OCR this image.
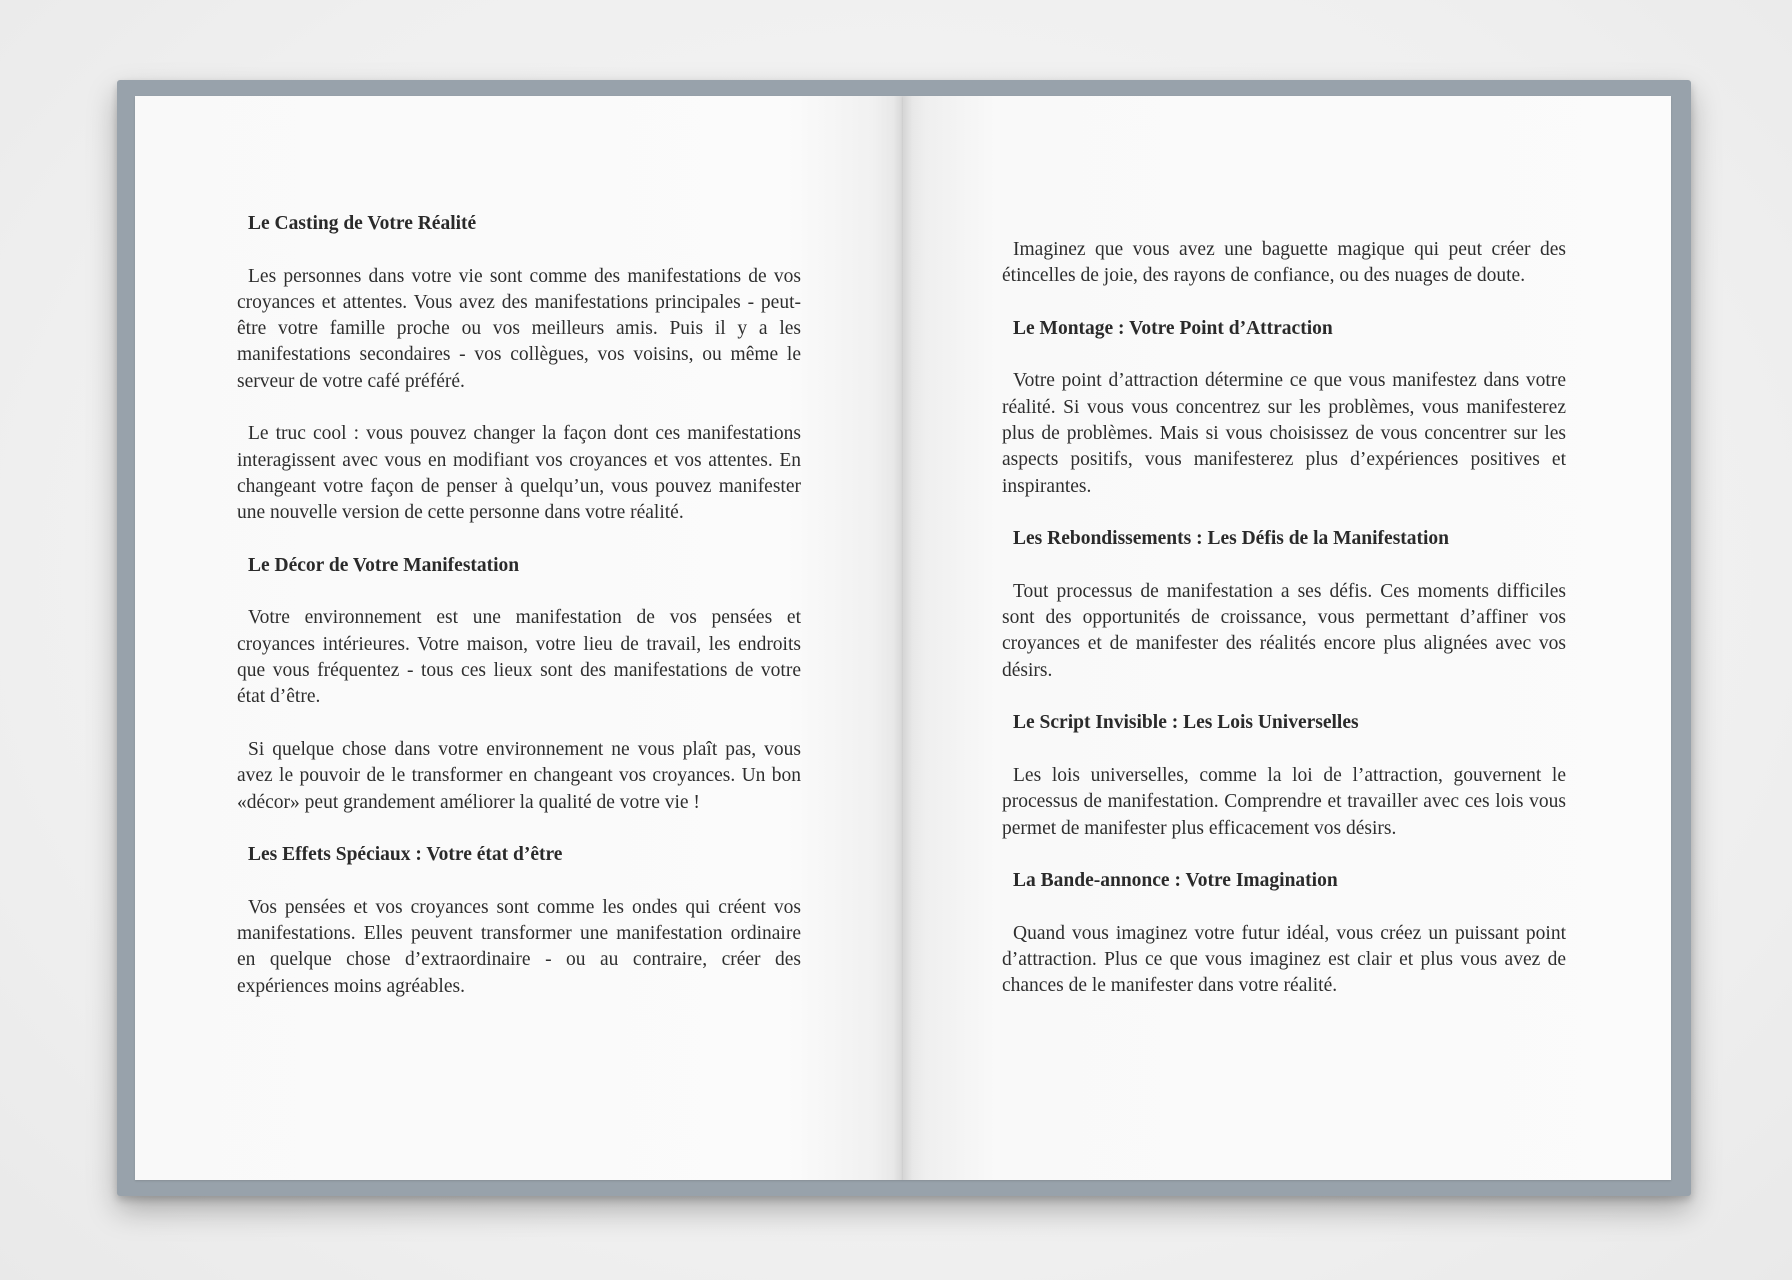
Le Casting de Votre Réalité

Les personnes dans votre vie sont comme des manifestations de vos croyances et attentes. Vous avez des manifestations principales - peut-être votre famille proche ou vos meilleurs amis. Puis il y a les manifestations secondaires - vos collègues, vos voisins, ou même le serveur de votre café préféré.

Le truc cool : vous pouvez changer la façon dont ces manifestations interagissent avec vous en modifiant vos croyances et vos attentes. En changeant votre façon de penser à quelqu’un, vous pouvez manifester une nouvelle version de cette personne dans votre réalité.

Le Décor de Votre Manifestation

Votre environnement est une manifestation de vos pensées et croyances intérieures. Votre maison, votre lieu de travail, les endroits que vous fréquentez - tous ces lieux sont des manifestations de votre état d’être.

Si quelque chose dans votre environnement ne vous plaît pas, vous avez le pouvoir de le transformer en changeant vos croyances. Un bon «décor» peut grandement améliorer la qualité de votre vie !

Les Effets Spéciaux : Votre état d’être

Vos pensées et vos croyances sont comme les ondes qui créent vos manifestations. Elles peuvent transformer une manifestation ordinaire en quelque chose d’extraordinaire - ou au contraire, créer des expériences moins agréables.

Imaginez que vous avez une baguette magique qui peut créer des étincelles de joie, des rayons de confiance, ou des nuages de doute.

Le Montage : Votre Point d’Attraction

Votre point d’attraction détermine ce que vous manifestez dans votre réalité. Si vous vous concentrez sur les problèmes, vous manifesterez plus de problèmes. Mais si vous choisissez de vous concentrer sur les aspects positifs, vous manifesterez plus d’expériences positives et inspirantes.

Les Rebondissements : Les Défis de la Manifestation

Tout processus de manifestation a ses défis. Ces moments difficiles sont des opportunités de croissance, vous permettant d’affiner vos croyances et de manifester des réalités encore plus alignées avec vos désirs.

Le Script Invisible : Les Lois Universelles

Les lois universelles, comme la loi de l’attraction, gouvernent le processus de manifestation. Comprendre et travailler avec ces lois vous permet de manifester plus efficacement vos désirs.

La Bande-annonce : Votre Imagination

Quand vous imaginez votre futur idéal, vous créez un puissant point d’attraction. Plus ce que vous imaginez est clair et plus vous avez de chances de le manifester dans votre réalité.
